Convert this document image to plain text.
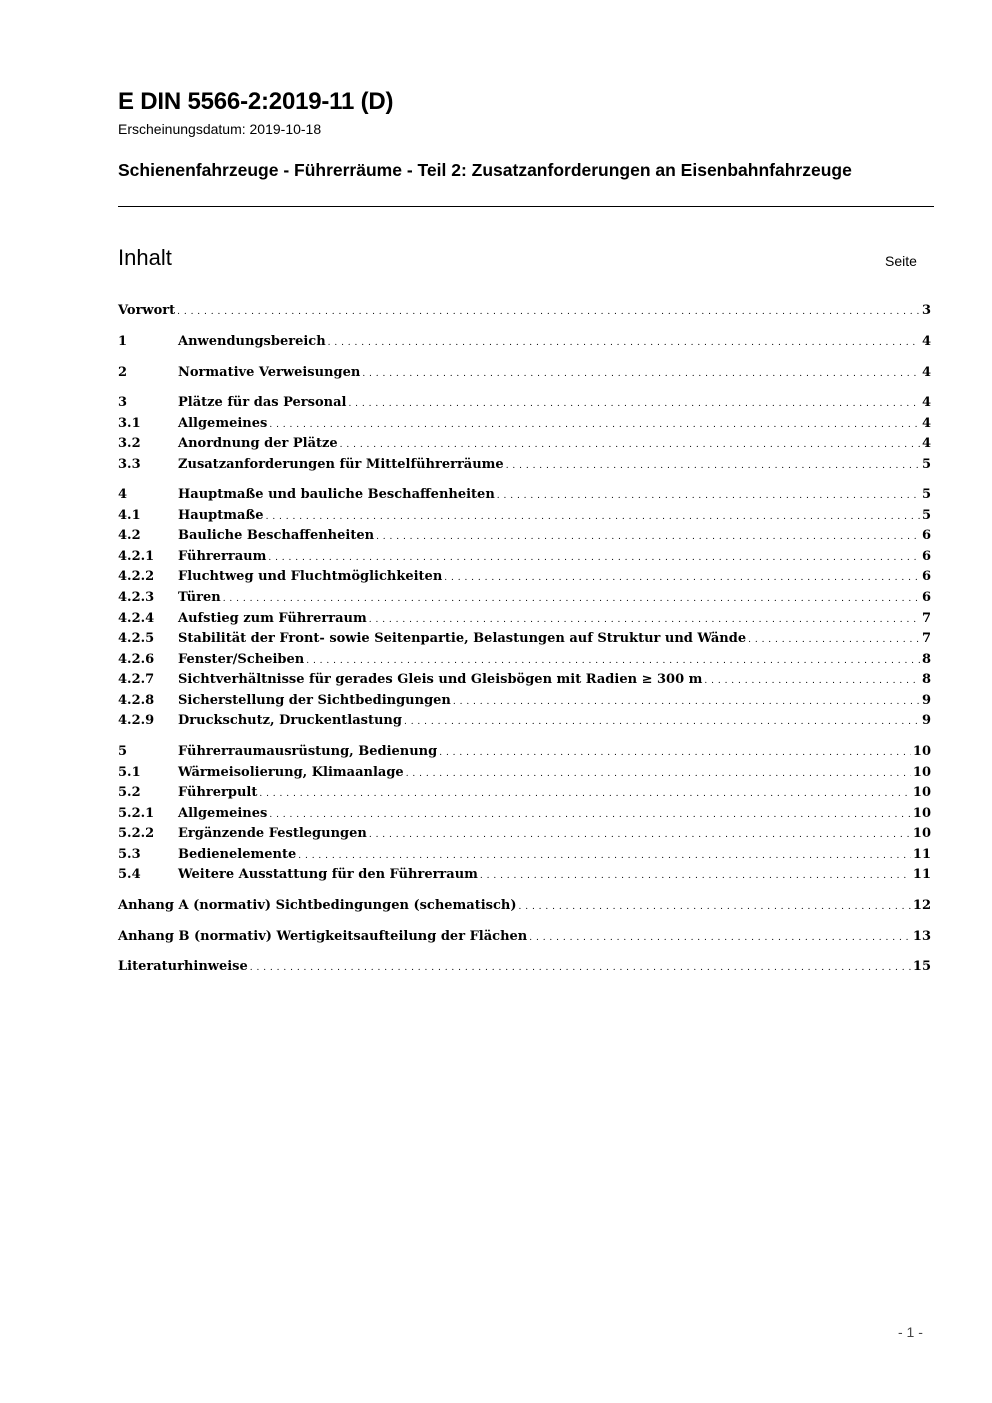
E DIN 5566-2:2019-11 (D)
Erscheinungsdatum: 2019-10-18
Schienenfahrzeuge - Führerräume - Teil 2: Zusatzanforderungen an Eisenbahnfahrzeuge
Inhalt	Seite
Vorwort . . .	3
1	Anwendungsbereich . . .	4
2	Normative Verweisungen . . .	4
3	Plätze für das Personal . . .	4
3.1	Allgemeines . . .	4
3.2	Anordnung der Plätze . . .	4
3.3	Zusatzanforderungen für Mittelführerräume . . .	5
4	Hauptmaße und bauliche Beschaffenheiten . . .	5
4.1	Hauptmaße . . .	5
4.2	Bauliche Beschaffenheiten . . .	6
4.2.1	Führerraum . . .	6
4.2.2	Fluchtweg und Fluchtmöglichkeiten . . .	6
4.2.3	Türen . . .	6
4.2.4	Aufstieg zum Führerraum . . .	7
4.2.5	Stabilität der Front- sowie Seitenpartie, Belastungen auf Struktur und Wände . . .	7
4.2.6	Fenster/Scheiben . . .	8
4.2.7	Sichtverhältnisse für gerades Gleis und Gleisbögen mit Radien ≥ 300 m . . .	8
4.2.8	Sicherstellung der Sichtbedingungen . . .	9
4.2.9	Druckschutz, Druckentlastung . . .	9
5	Führerraumausrüstung, Bedienung . . .	10
5.1	Wärmeisolierung, Klimaanlage . . .	10
5.2	Führerpult . . .	10
5.2.1	Allgemeines . . .	10
5.2.2	Ergänzende Festlegungen . . .	10
5.3	Bedienelemente . . .	11
5.4	Weitere Ausstattung für den Führerraum . . .	11
Anhang A (normativ) Sichtbedingungen (schematisch) . . .	12
Anhang B (normativ) Wertigkeitsaufteilung der Flächen . . .	13
Literaturhinweise . . .	15
- 1 -
